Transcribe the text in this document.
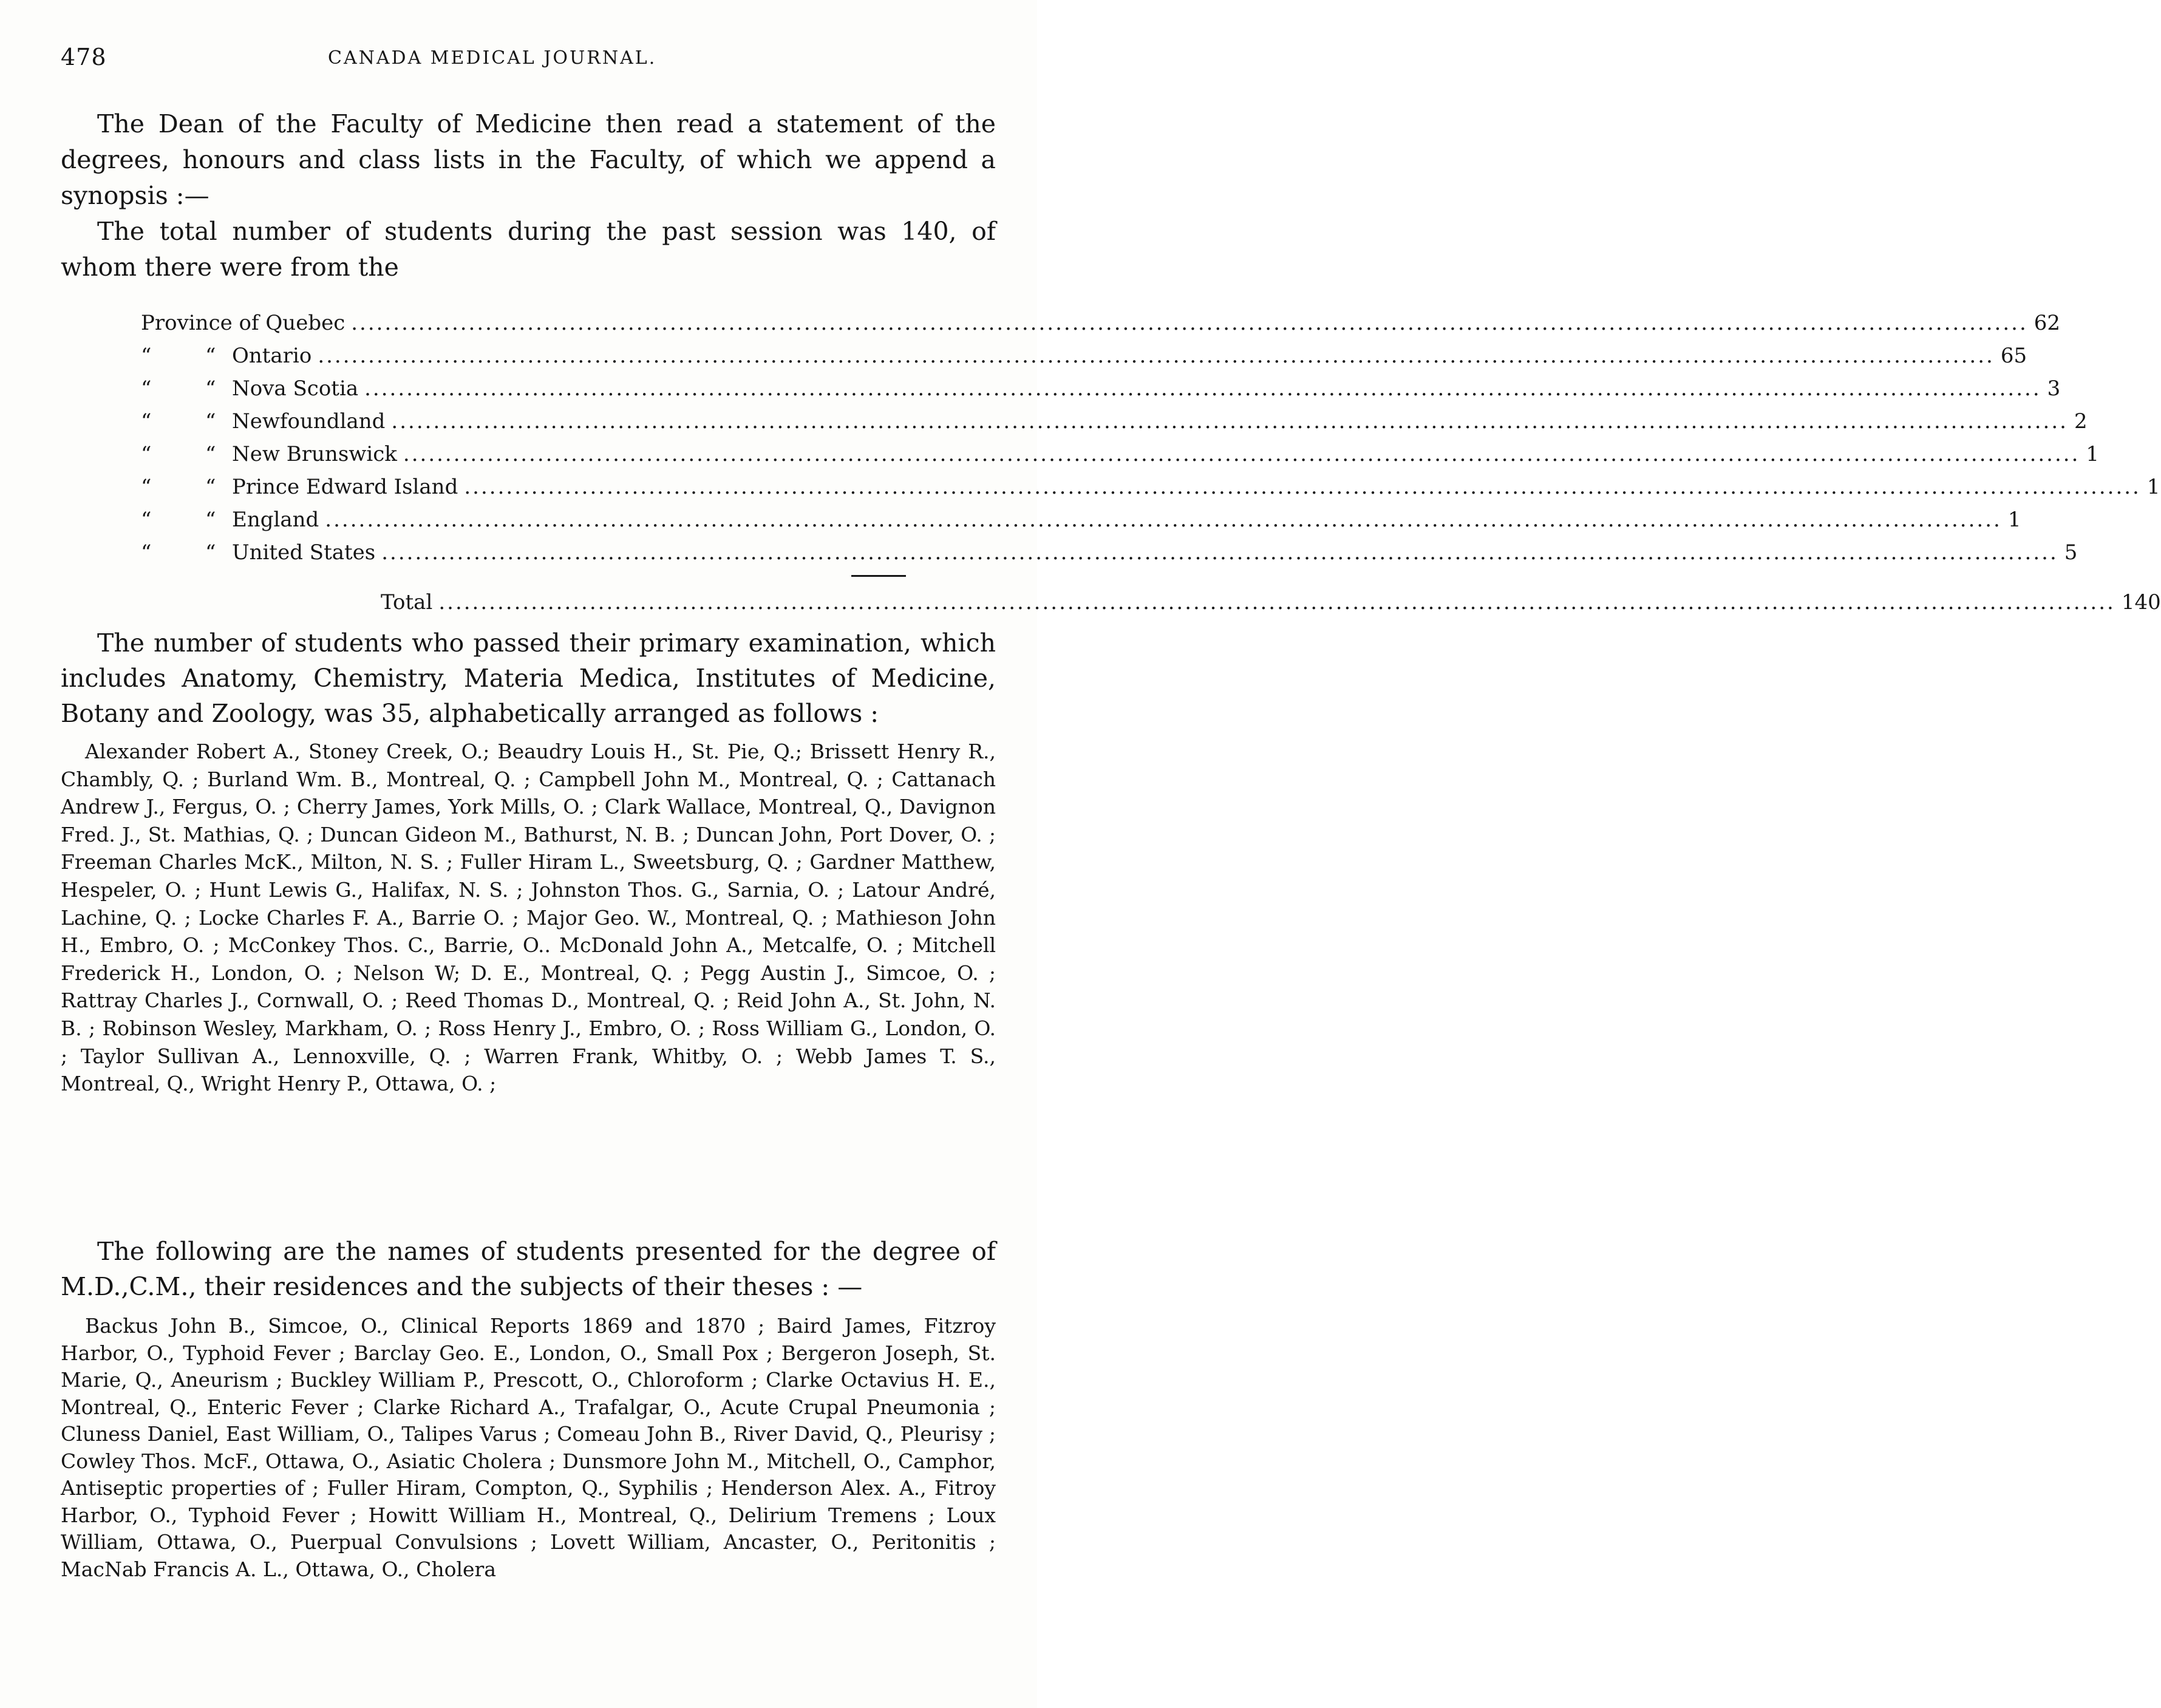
478	CANADA MEDICAL JOURNAL.

The Dean of the Faculty of Medicine then read a statement of the degrees, honours and class lists in the Faculty, of which we append a synopsis :—

The total number of students during the past session was 140, of whom there were from the

Province of Quebec ........................................................................................................................................................................................................ 62
“	“ Ontario ........................................................................................................................................................................................................ 65
“	“ Nova Scotia ........................................................................................................................................................................................................ 3
“	“ Newfoundland ........................................................................................................................................................................................................ 2
“	“ New Brunswick ........................................................................................................................................................................................................ 1
“	“ Prince Edward Island ........................................................................................................................................................................................................ 1
“	“ England ........................................................................................................................................................................................................ 1
“	“ United States ........................................................................................................................................................................................................ 5
Total ........................................................................................................................................................................................................ 140

The number of students who passed their primary examination, which includes Anatomy, Chemistry, Materia Medica, Institutes of Medicine, Botany and Zoology, was 35, alphabetically arranged as follows :

Alexander Robert A., Stoney Creek, O.; Beaudry Louis H., St. Pie, Q.; Brissett Henry R., Chambly, Q. ; Burland Wm. B., Montreal, Q. ; Campbell John M., Montreal, Q. ; Cattanach Andrew J., Fergus, O. ; Cherry James, York Mills, O. ; Clark Wallace, Montreal, Q., Davignon Fred. J., St. Mathias, Q. ; Duncan Gideon M., Bathurst, N. B. ; Duncan John, Port Dover, O. ; Freeman Charles McK., Milton, N. S. ; Fuller Hiram L., Sweetsburg, Q. ; Gardner Matthew, Hespeler, O. ; Hunt Lewis G., Halifax, N. S. ; Johnston Thos. G., Sarnia, O. ; Latour André, Lachine, Q. ; Locke Charles F. A., Barrie O. ; Major Geo. W., Montreal, Q. ; Mathieson John H., Embro, O. ; McConkey Thos. C., Barrie, O.. McDonald John A., Metcalfe, O. ; Mitchell Frederick H., London, O. ; Nelson W; D. E., Montreal, Q. ; Pegg Austin J., Simcoe, O. ; Rattray Charles J., Cornwall, O. ; Reed Thomas D., Montreal, Q. ; Reid John A., St. John, N. B. ; Robinson Wesley, Markham, O. ; Ross Henry J., Embro, O. ; Ross William G., London, O. ; Taylor Sullivan A., Lennoxville, Q. ; Warren Frank, Whitby, O. ; Webb James T. S., Montreal, Q., Wright Henry P., Ottawa, O. ;

The following are the names of students presented for the degree of M.D.,C.M., their residences and the subjects of their theses : —

Backus John B., Simcoe, O., Clinical Reports 1869 and 1870 ; Baird James, Fitzroy Harbor, O., Typhoid Fever ; Barclay Geo. E., London, O., Small Pox ; Bergeron Joseph, St. Marie, Q., Aneurism ; Buckley William P., Prescott, O., Chloroform ; Clarke Octavius H. E., Montreal, Q., Enteric Fever ; Clarke Richard A., Trafalgar, O., Acute Crupal Pneumonia ; Cluness Daniel, East William, O., Talipes Varus ; Comeau John B., River David, Q., Pleurisy ; Cowley Thos. McF., Ottawa, O., Asiatic Cholera ; Dunsmore John M., Mitchell, O., Camphor, Antiseptic properties of ; Fuller Hiram, Compton, Q., Syphilis ; Henderson Alex. A., Fitroy Harbor, O., Typhoid Fever ; Howitt William H., Montreal, Q., Delirium Tremens ; Loux William, Ottawa, O., Puerpual Convulsions ; Lovett William, Ancaster, O., Peritonitis ; MacNab Francis A. L., Ottawa, O., Cholera
